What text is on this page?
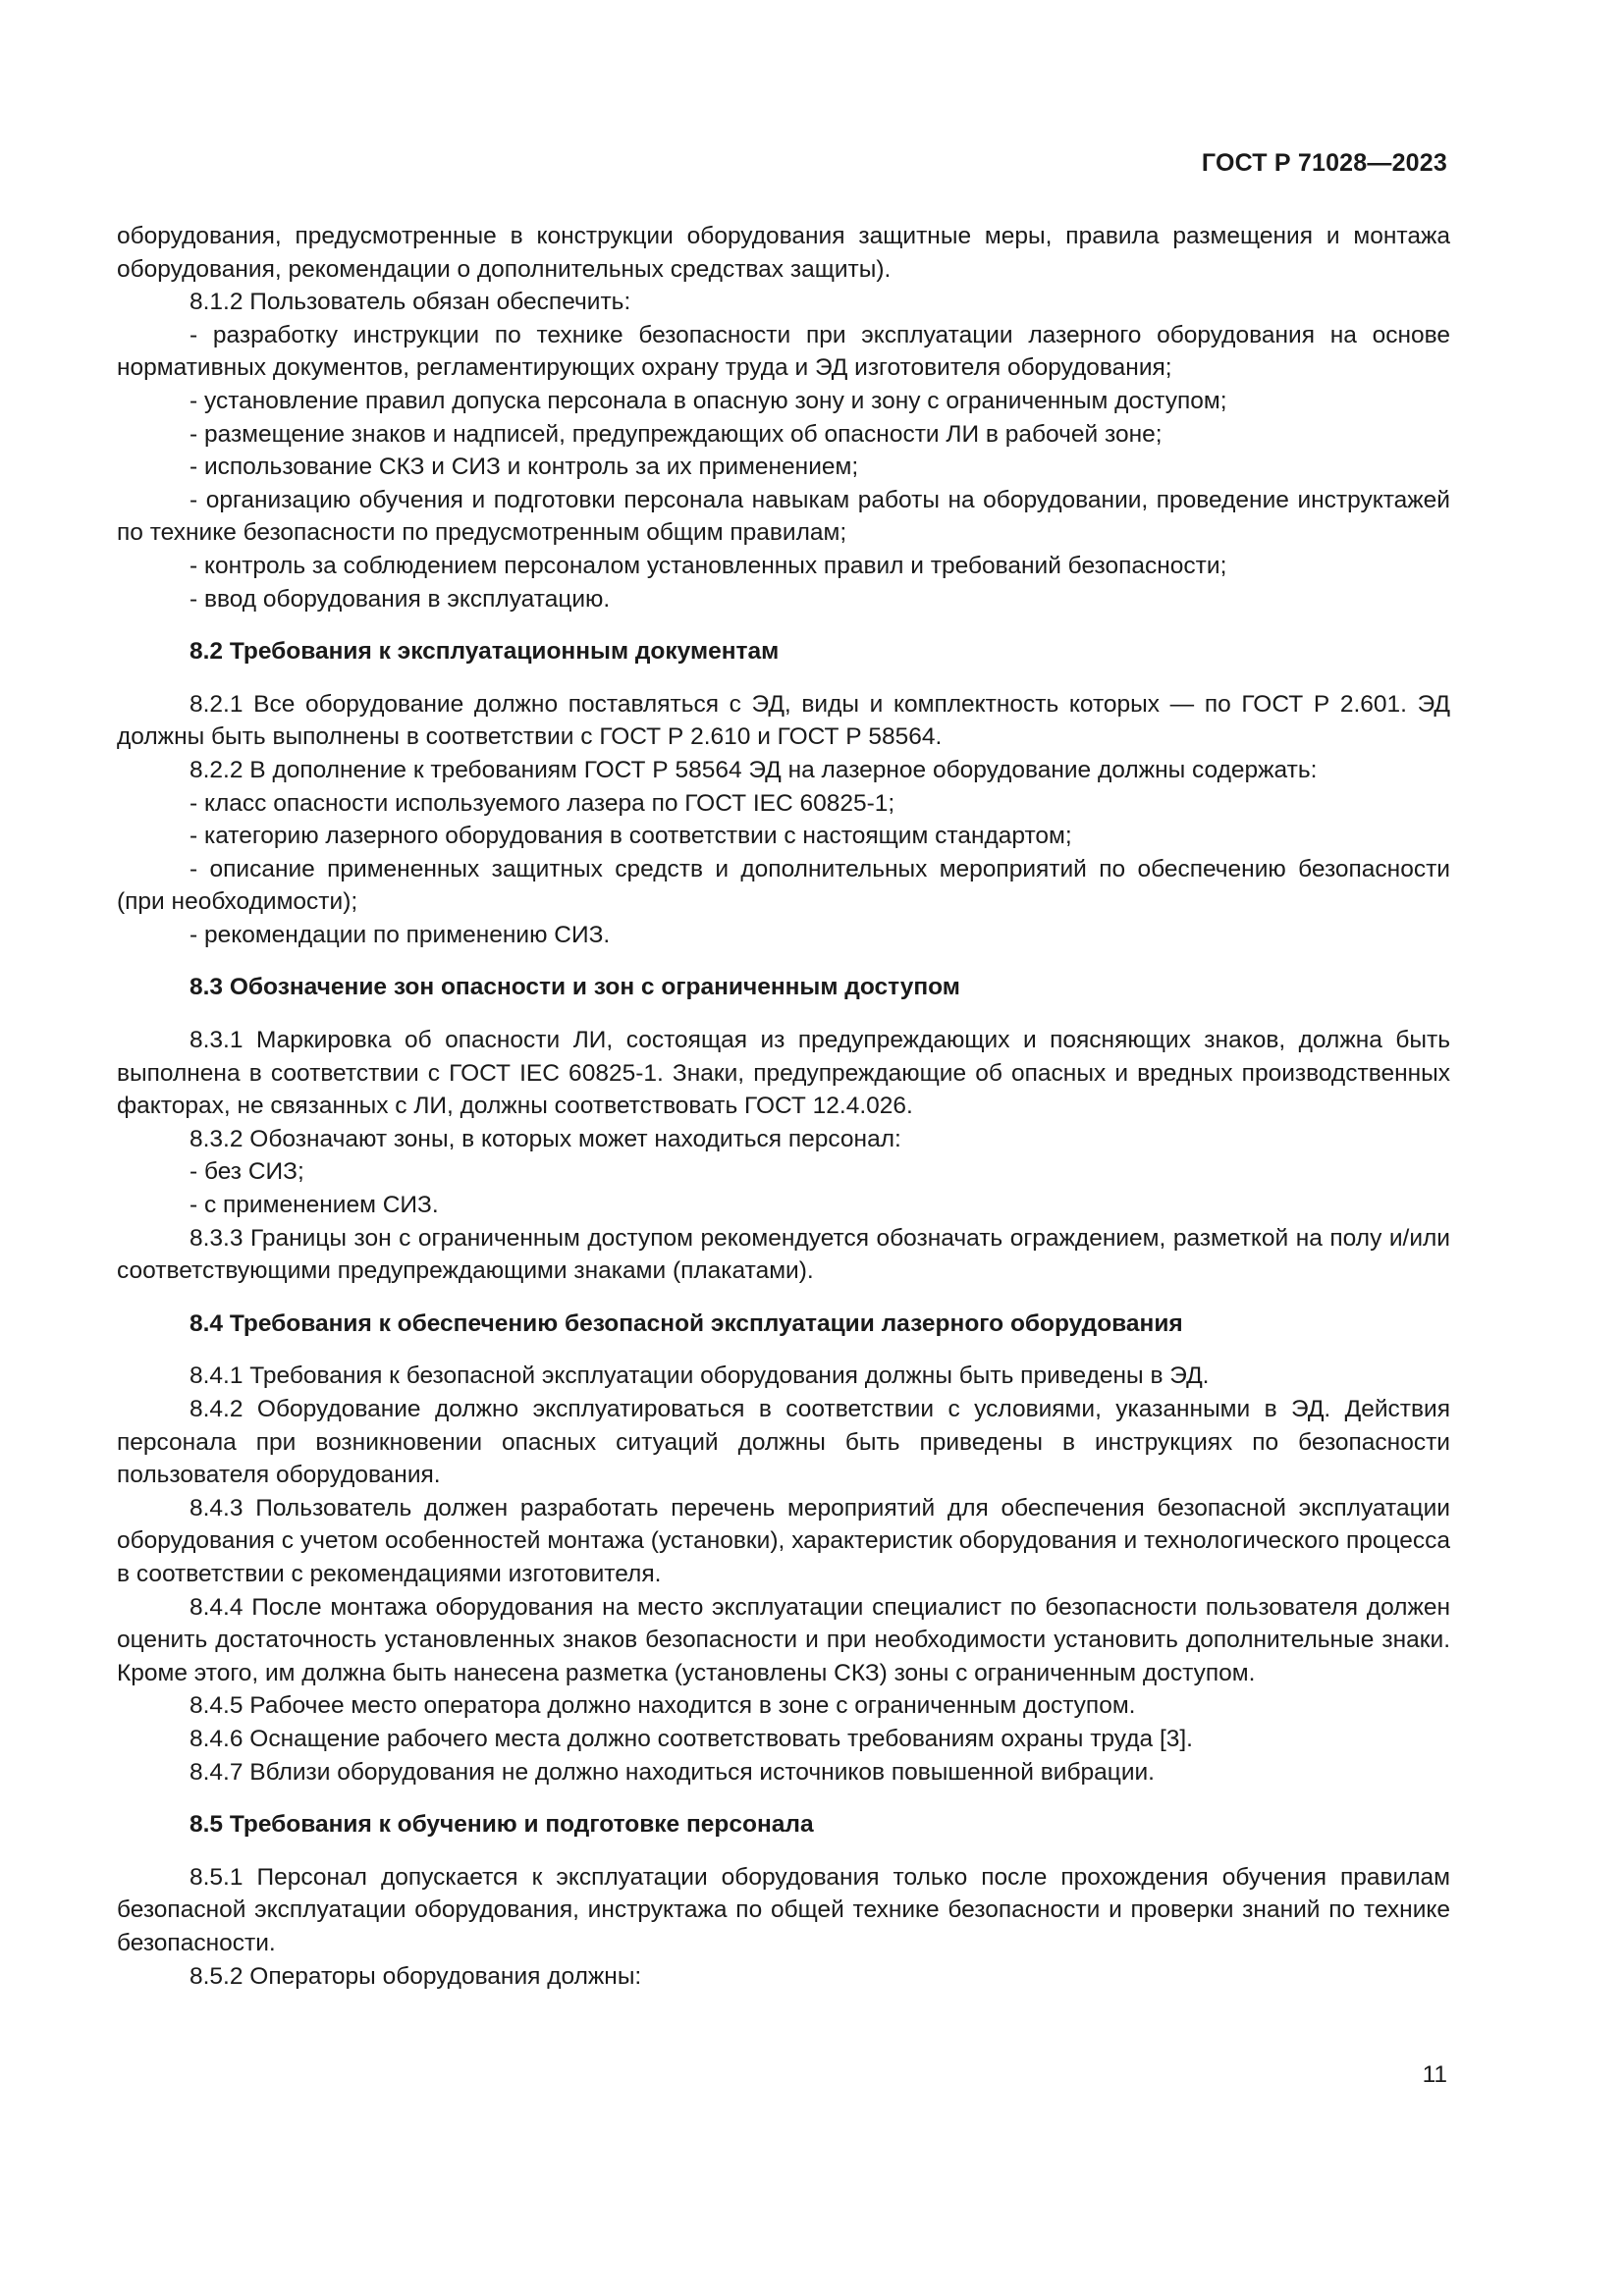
ГОСТ Р 71028—2023

оборудования, предусмотренные в конструкции оборудования защитные меры, правила размещения и монтажа оборудования, рекомендации о дополнительных средствах защиты).

8.1.2 Пользователь обязан обеспечить:

- разработку инструкции по технике безопасности при эксплуатации лазерного оборудования на основе нормативных документов, регламентирующих охрану труда и ЭД изготовителя оборудования;

- установление правил допуска персонала в опасную зону и зону с ограниченным доступом;

- размещение знаков и надписей, предупреждающих об опасности ЛИ в рабочей зоне;

- использование СКЗ и СИЗ и контроль за их применением;

- организацию обучения и подготовки персонала навыкам работы на оборудовании, проведение инструктажей по технике безопасности по предусмотренным общим правилам;

- контроль за соблюдением персоналом установленных правил и требований безопасности;

- ввод оборудования в эксплуатацию.

8.2 Требования к эксплуатационным документам

8.2.1 Все оборудование должно поставляться с ЭД, виды и комплектность которых — по ГОСТ Р 2.601. ЭД должны быть выполнены в соответствии с ГОСТ Р 2.610 и ГОСТ Р 58564.

8.2.2 В дополнение к требованиям ГОСТ Р 58564 ЭД на лазерное оборудование должны содержать:

- класс опасности используемого лазера по ГОСТ IEC 60825-1;

- категорию лазерного оборудования в соответствии с настоящим стандартом;

- описание примененных защитных средств и дополнительных мероприятий по обеспечению безопасности (при необходимости);

- рекомендации по применению СИЗ.

8.3 Обозначение зон опасности и зон с ограниченным доступом

8.3.1 Маркировка об опасности ЛИ, состоящая из предупреждающих и поясняющих знаков, должна быть выполнена в соответствии с ГОСТ IEC 60825-1. Знаки, предупреждающие об опасных и вредных производственных факторах, не связанных с ЛИ, должны соответствовать ГОСТ 12.4.026.

8.3.2 Обозначают зоны, в которых может находиться персонал:

- без СИЗ;

- с применением СИЗ.

8.3.3 Границы зон с ограниченным доступом рекомендуется обозначать ограждением, разметкой на полу и/или соответствующими предупреждающими знаками (плакатами).

8.4 Требования к обеспечению безопасной эксплуатации лазерного оборудования

8.4.1 Требования к безопасной эксплуатации оборудования должны быть приведены в ЭД.

8.4.2 Оборудование должно эксплуатироваться в соответствии с условиями, указанными в ЭД. Действия персонала при возникновении опасных ситуаций должны быть приведены в инструкциях по безопасности пользователя оборудования.

8.4.3 Пользователь должен разработать перечень мероприятий для обеспечения безопасной эксплуатации оборудования с учетом особенностей монтажа (установки), характеристик оборудования и технологического процесса в соответствии с рекомендациями изготовителя.

8.4.4 После монтажа оборудования на место эксплуатации специалист по безопасности пользователя должен оценить достаточность установленных знаков безопасности и при необходимости установить дополнительные знаки. Кроме этого, им должна быть нанесена разметка (установлены СКЗ) зоны с ограниченным доступом.

8.4.5 Рабочее место оператора должно находится в зоне с ограниченным доступом.

8.4.6 Оснащение рабочего места должно соответствовать требованиям охраны труда [3].

8.4.7 Вблизи оборудования не должно находиться источников повышенной вибрации.

8.5 Требования к обучению и подготовке персонала

8.5.1 Персонал допускается к эксплуатации оборудования только после прохождения обучения правилам безопасной эксплуатации оборудования, инструктажа по общей технике безопасности и проверки знаний по технике безопасности.

8.5.2 Операторы оборудования должны:

11
